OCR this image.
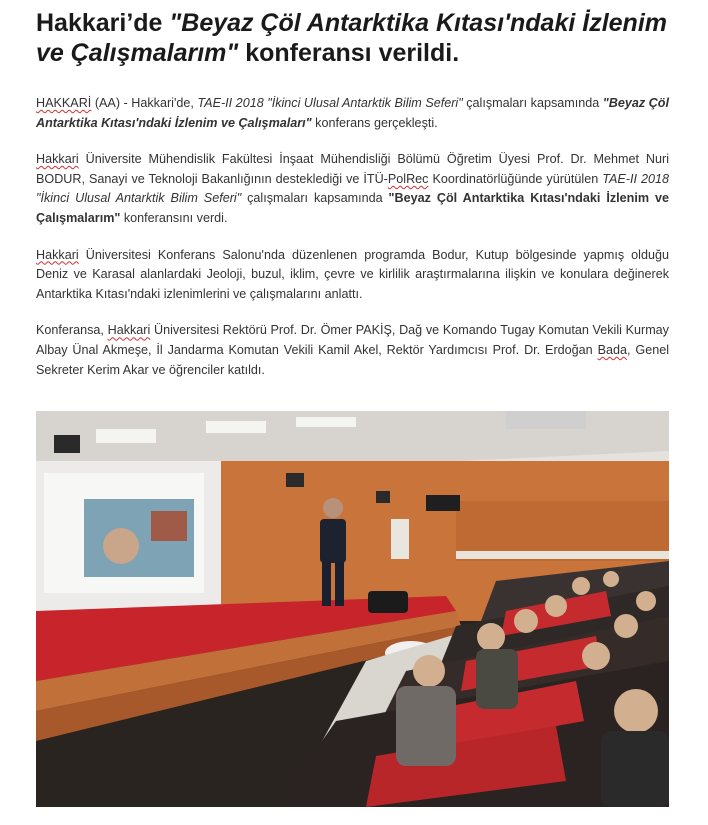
Hakkari’de "Beyaz Çöl Antarktika Kıtası'ndaki İzlenim ve Çalışmalarım" konferansı verildi.

HAKKARİ (AA) - Hakkari'de, TAE-II 2018 "İkinci Ulusal Antarktik Bilim Seferi" çalışmaları kapsamında "Beyaz Çöl Antarktika Kıtası'ndaki İzlenim ve Çalışmaları" konferans gerçekleşti.

Hakkari Üniversite Mühendislik Fakültesi İnşaat Mühendisliği Bölümü Öğretim Üyesi Prof. Dr. Mehmet Nuri BODUR, Sanayi ve Teknoloji Bakanlığının desteklediği ve İTÜ-PolRec Koordinatörlüğünde yürütülen TAE-II 2018 "İkinci Ulusal Antarktik Bilim Seferi" çalışmaları kapsamında "Beyaz Çöl Antarktika Kıtası'ndaki İzlenim ve Çalışmalarım" konferansını verdi.

Hakkari Üniversitesi Konferans Salonu'nda düzenlenen programda Bodur, Kutup bölgesinde yapmış olduğu Deniz ve Karasal alanlardaki Jeoloji, buzul, iklim, çevre ve kirlilik araştırmalarına ilişkin ve konulara değinerek Antarktika Kıtası'ndaki izlenimlerini ve çalışmalarını anlattı.

Konferansa, Hakkari Üniversitesi Rektörü Prof. Dr. Ömer PAKİŞ, Dağ ve Komando Tugay Komutan Vekili Kurmay Albay Ünal Akmeşe, İl Jandarma Komutan Vekili Kamil Akel, Rektör Yardımcısı Prof. Dr. Erdoğan Bada, Genel Sekreter Kerim Akar ve öğrenciler katıldı.
